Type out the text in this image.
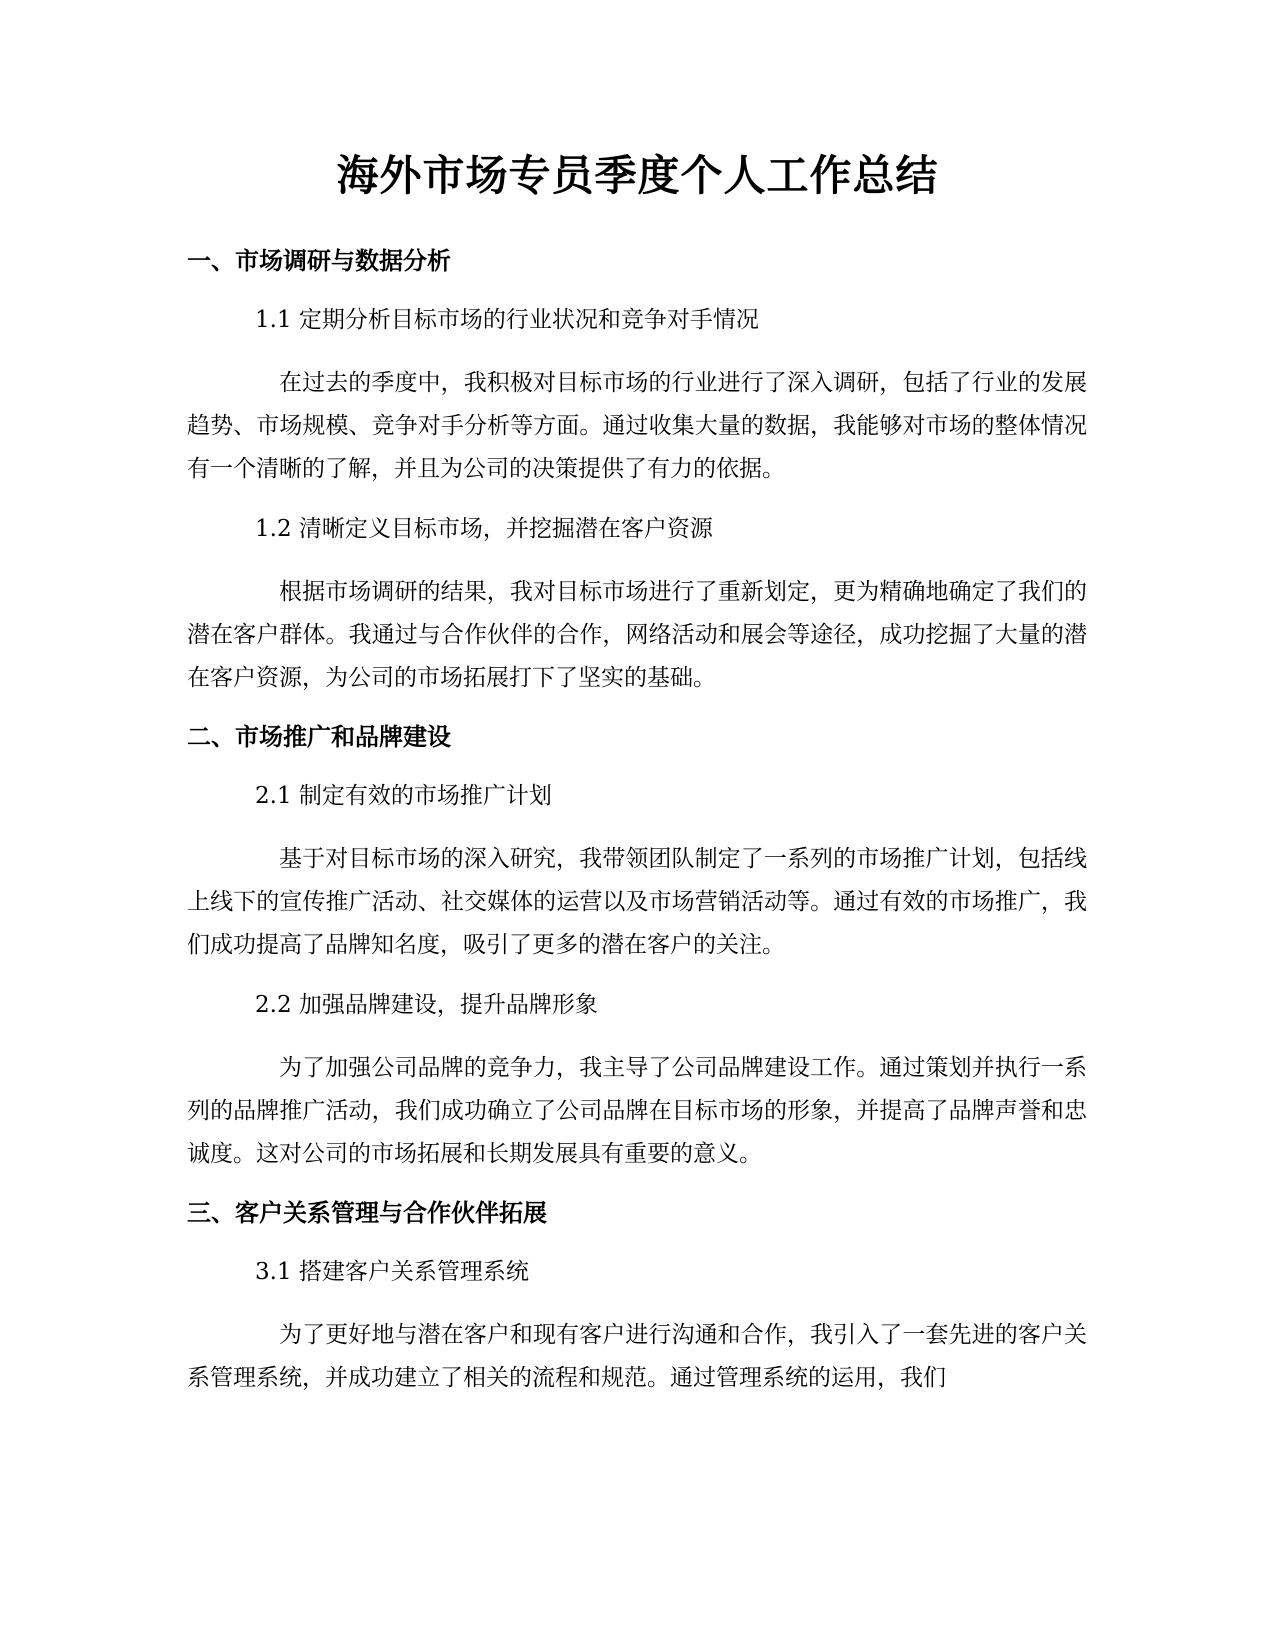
海外市场专员季度个人工作总结
一、市场调研与数据分析
1.1 定期分析目标市场的行业状况和竞争对手情况

在过去的季度中，我积极对目标市场的行业进行了深入调研，包括了行业的发展趋势、市场规模、竞争对手分析等方面。通过收集大量的数据，我能够对市场的整体情况有一个清晰的了解，并且为公司的决策提供了有力的依据。

1.2 清晰定义目标市场，并挖掘潜在客户资源

根据市场调研的结果，我对目标市场进行了重新划定，更为精确地确定了我们的潜在客户群体。我通过与合作伙伴的合作，网络活动和展会等途径，成功挖掘了大量的潜在客户资源，为公司的市场拓展打下了坚实的基础。

二、市场推广和品牌建设
2.1 制定有效的市场推广计划

基于对目标市场的深入研究，我带领团队制定了一系列的市场推广计划，包括线上线下的宣传推广活动、社交媒体的运营以及市场营销活动等。通过有效的市场推广，我们成功提高了品牌知名度，吸引了更多的潜在客户的关注。

2.2 加强品牌建设，提升品牌形象

为了加强公司品牌的竞争力，我主导了公司品牌建设工作。通过策划并执行一系列的品牌推广活动，我们成功确立了公司品牌在目标市场的形象，并提高了品牌声誉和忠诚度。这对公司的市场拓展和长期发展具有重要的意义。

三、客户关系管理与合作伙伴拓展
3.1 搭建客户关系管理系统

为了更好地与潜在客户和现有客户进行沟通和合作，我引入了一套先进的客户关系管理系统，并成功建立了相关的流程和规范。通过管理系统的运用，我们
